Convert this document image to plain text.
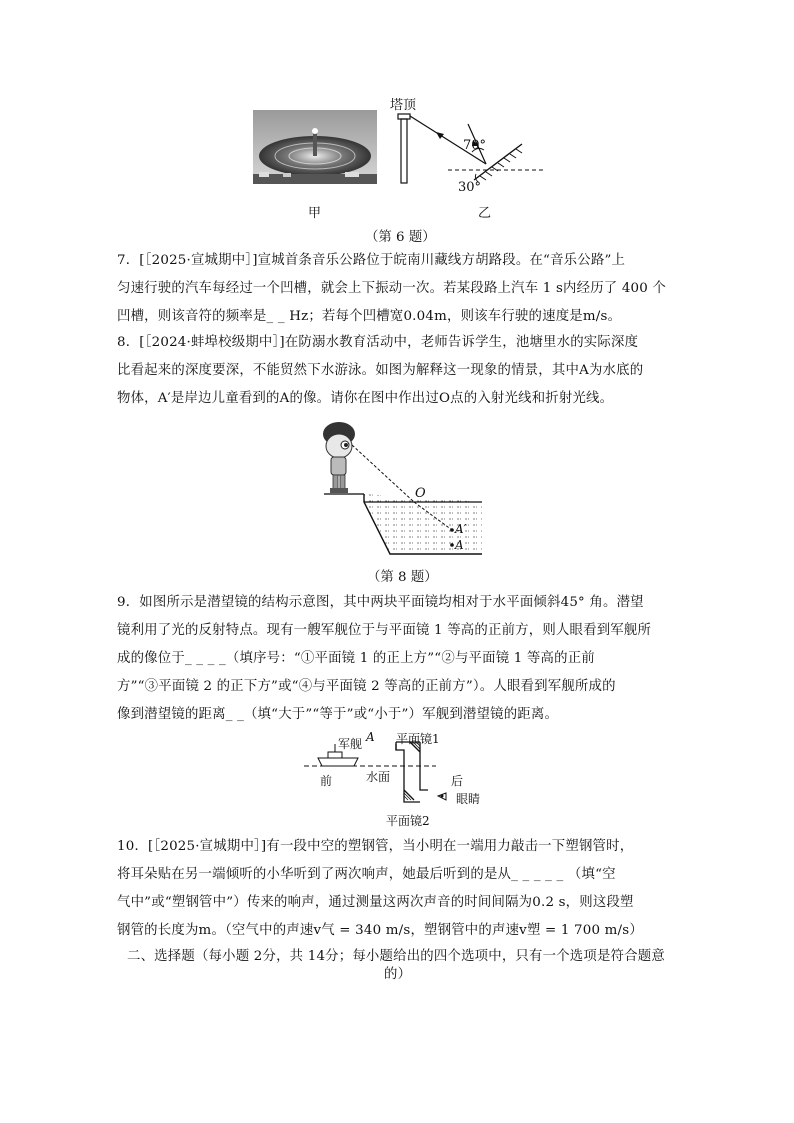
塔顶
70°
30°
甲	乙
（第 6 题）
7．[［2025·宣城期中］]宣城首条音乐公路位于皖南川藏线方胡路段。在“音乐公路”上
匀速行驶的汽车每经过一个凹槽，就会上下振动一次。若某段路上汽车 1 s内经历了 400 个
凹槽，则该音符的频率是_ _ Hz；若每个凹槽宽0.04m，则该车行驶的速度是m/s。
8．[［2024·蚌埠校级期中］]在防溺水教育活动中，老师告诉学生，池塘里水的实际深度
比看起来的深度要深，不能贸然下水游泳。如图为解释这一现象的情景，其中A为水底的
物体，A′是岸边儿童看到的A的像。请你在图中作出过O点的入射光线和折射光线。
O
A′
A
（第 8 题）
9．如图所示是潜望镜的结构示意图，其中两块平面镜均相对于水平面倾斜45° 角。潜望
镜利用了光的反射特点。现有一艘军舰位于与平面镜 1 等高的正前方，则人眼看到军舰所
成的像位于_ _ _ _（填序号：“①平面镜 1 的正上方”“②与平面镜 1 等高的正前
方”“③平面镜 2 的正下方”或“④与平面镜 2 等高的正前方”）。人眼看到军舰所成的
像到潜望镜的距离_ _（填“大于”“等于”或“小于”）军舰到潜望镜的距离。
军舰 A 平面镜1
前	水面	后
眼睛
平面镜2
10．[［2025·宣城期中］]有一段中空的塑钢管，当小明在一端用力敲击一下塑钢管时，
将耳朵贴在另一端倾听的小华听到了两次响声，她最后听到的是从_ _ _ _ _ （填“空
气中”或“塑钢管中”）传来的响声，通过测量这两次声音的时间间隔为0.2 s，则这段塑
钢管的长度为m。（空气中的声速v气 = 340 m/s，塑钢管中的声速v塑 = 1 700 m/s）
二、选择题（每小题 2分，共 14分；每小题给出的四个选项中，只有一个选项是符合题意
的）
